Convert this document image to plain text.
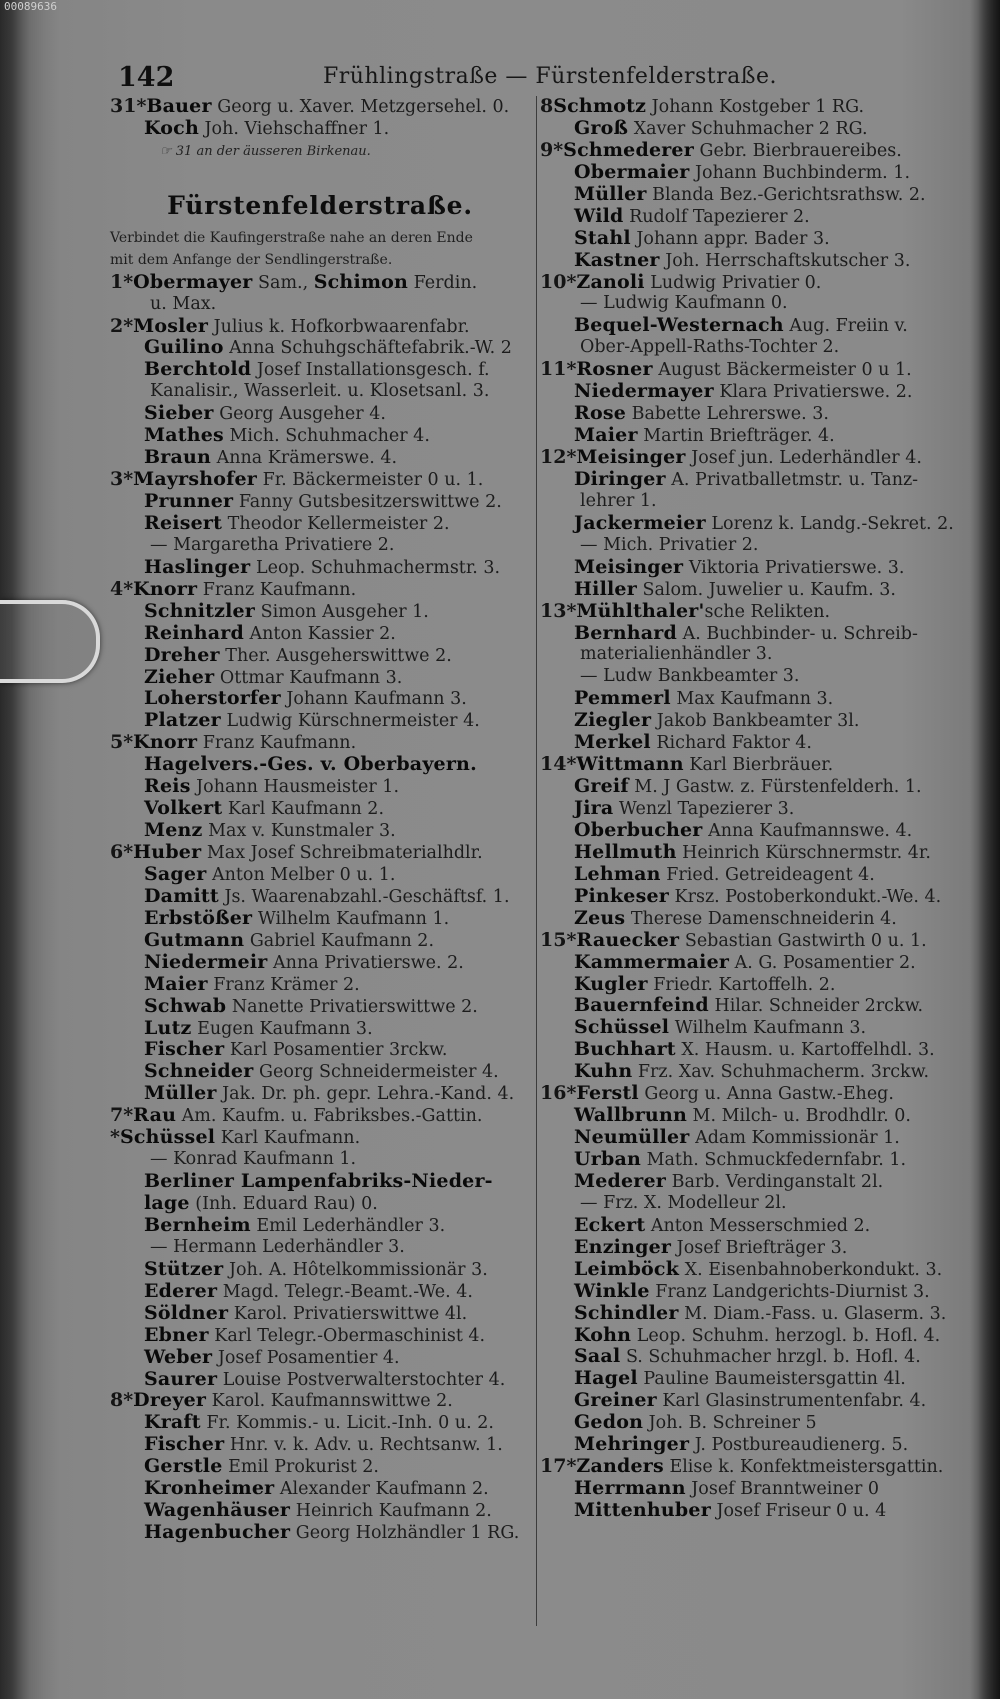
00089636
142	Frühlingstraße — Fürstenfelderstraße.
31*Bauer Georg u. Xaver. Metzgersehel. 0.
Koch Joh. Viehschaffner 1.
☞ 31 an der äusseren Birkenau.
Fürstenfelderstraße.
Verbindet die Kaufingerstraße nahe an deren Ende
mit dem Anfange der Sendlingerstraße.
1*Obermayer Sam., Schimon Ferdin.
u. Max.
2*Mosler Julius k. Hofkorbwaarenfabr.
Guilino Anna Schuhgschäftefabrik.-W. 2
Berchtold Josef Installationsgesch. f.
Kanalisir., Wasserleit. u. Klosetsanl. 3.
Sieber Georg Ausgeher 4.
Mathes Mich. Schuhmacher 4.
Braun Anna Krämerswe. 4.
3*Mayrshofer Fr. Bäckermeister 0 u. 1.
Prunner Fanny Gutsbesitzerswittwe 2.
Reisert Theodor Kellermeister 2.
— Margaretha Privatiere 2.
Haslinger Leop. Schuhmachermstr. 3.
4*Knorr Franz Kaufmann.
Schnitzler Simon Ausgeher 1.
Reinhard Anton Kassier 2.
Dreher Ther. Ausgeherswittwe 2.
Zieher Ottmar Kaufmann 3.
Loherstorfer Johann Kaufmann 3.
Platzer Ludwig Kürschnermeister 4.
5*Knorr Franz Kaufmann.
Hagelvers.-Ges. v. Oberbayern.
Reis Johann Hausmeister 1.
Volkert Karl Kaufmann 2.
Menz Max v. Kunstmaler 3.
6*Huber Max Josef Schreibmaterialhdlr.
Sager Anton Melber 0 u. 1.
Damitt Js. Waarenabzahl.-Geschäftsf. 1.
Erbstößer Wilhelm Kaufmann 1.
Gutmann Gabriel Kaufmann 2.
Niedermeir Anna Privatierswe. 2.
Maier Franz Krämer 2.
Schwab Nanette Privatierswittwe 2.
Lutz Eugen Kaufmann 3.
Fischer Karl Posamentier 3rckw.
Schneider Georg Schneidermeister 4.
Müller Jak. Dr. ph. gepr. Lehra.-Kand. 4.
7*Rau Am. Kaufm. u. Fabriksbes.-Gattin.
*Schüssel Karl Kaufmann.
— Konrad Kaufmann 1.
Berliner Lampenfabriks-Nieder-
lage (Inh. Eduard Rau) 0.
Bernheim Emil Lederhändler 3.
— Hermann Lederhändler 3.
Stützer Joh. A. Hôtelkommissionär 3.
Ederer Magd. Telegr.-Beamt.-We. 4.
Söldner Karol. Privatierswittwe 4l.
Ebner Karl Telegr.-Obermaschinist 4.
Weber Josef Posamentier 4.
Saurer Louise Postverwalterstochter 4.
8*Dreyer Karol. Kaufmannswittwe 2.
Kraft Fr. Kommis.- u. Licit.-Inh. 0 u. 2.
Fischer Hnr. v. k. Adv. u. Rechtsanw. 1.
Gerstle Emil Prokurist 2.
Kronheimer Alexander Kaufmann 2.
Wagenhäuser Heinrich Kaufmann 2.
Hagenbucher Georg Holzhändler 1 RG.
8Schmotz Johann Kostgeber 1 RG.
Groß Xaver Schuhmacher 2 RG.
9*Schmederer Gebr. Bierbrauereibes.
Obermaier Johann Buchbinderm. 1.
Müller Blanda Bez.-Gerichtsrathsw. 2.
Wild Rudolf Tapezierer 2.
Stahl Johann appr. Bader 3.
Kastner Joh. Herrschaftskutscher 3.
10*Zanoli Ludwig Privatier 0.
— Ludwig Kaufmann 0.
Bequel-Westernach Aug. Freiin v.
Ober-Appell-Raths-Tochter 2.
11*Rosner August Bäckermeister 0 u 1.
Niedermayer Klara Privatierswe. 2.
Rose Babette Lehrerswe. 3.
Maier Martin Briefträger. 4.
12*Meisinger Josef jun. Lederhändler 4.
Diringer A. Privatballetmstr. u. Tanz-
lehrer 1.
Jackermeier Lorenz k. Landg.-Sekret. 2.
— Mich. Privatier 2.
Meisinger Viktoria Privatierswe. 3.
Hiller Salom. Juwelier u. Kaufm. 3.
13*Mühlthaler'sche Relikten.
Bernhard A. Buchbinder- u. Schreib-
materialienhändler 3.
— Ludw Bankbeamter 3.
Pemmerl Max Kaufmann 3.
Ziegler Jakob Bankbeamter 3l.
Merkel Richard Faktor 4.
14*Wittmann Karl Bierbräuer.
Greif M. J Gastw. z. Fürstenfelderh. 1.
Jira Wenzl Tapezierer 3.
Oberbucher Anna Kaufmannswe. 4.
Hellmuth Heinrich Kürschnermstr. 4r.
Lehman Fried. Getreideagent 4.
Pinkeser Krsz. Postoberkondukt.-We. 4.
Zeus Therese Damenschneiderin 4.
15*Rauecker Sebastian Gastwirth 0 u. 1.
Kammermaier A. G. Posamentier 2.
Kugler Friedr. Kartoffelh. 2.
Bauernfeind Hilar. Schneider 2rckw.
Schüssel Wilhelm Kaufmann 3.
Buchhart X. Hausm. u. Kartoffelhdl. 3.
Kuhn Frz. Xav. Schuhmacherm. 3rckw.
16*Ferstl Georg u. Anna Gastw.-Eheg.
Wallbrunn M. Milch- u. Brodhdlr. 0.
Neumüller Adam Kommissionär 1.
Urban Math. Schmuckfedernfabr. 1.
Mederer Barb. Verdinganstalt 2l.
— Frz. X. Modelleur 2l.
Eckert Anton Messerschmied 2.
Enzinger Josef Briefträger 3.
Leimböck X. Eisenbahnoberkondukt. 3.
Winkle Franz Landgerichts-Diurnist 3.
Schindler M. Diam.-Fass. u. Glaserm. 3.
Kohn Leop. Schuhm. herzogl. b. Hofl. 4.
Saal S. Schuhmacher hrzgl. b. Hofl. 4.
Hagel Pauline Baumeistersgattin 4l.
Greiner Karl Glasinstrumentenfabr. 4.
Gedon Joh. B. Schreiner 5
Mehringer J. Postbureaudienerg. 5.
17*Zanders Elise k. Konfektmeistersgattin.
Herrmann Josef Branntweiner 0
Mittenhuber Josef Friseur 0 u. 4
